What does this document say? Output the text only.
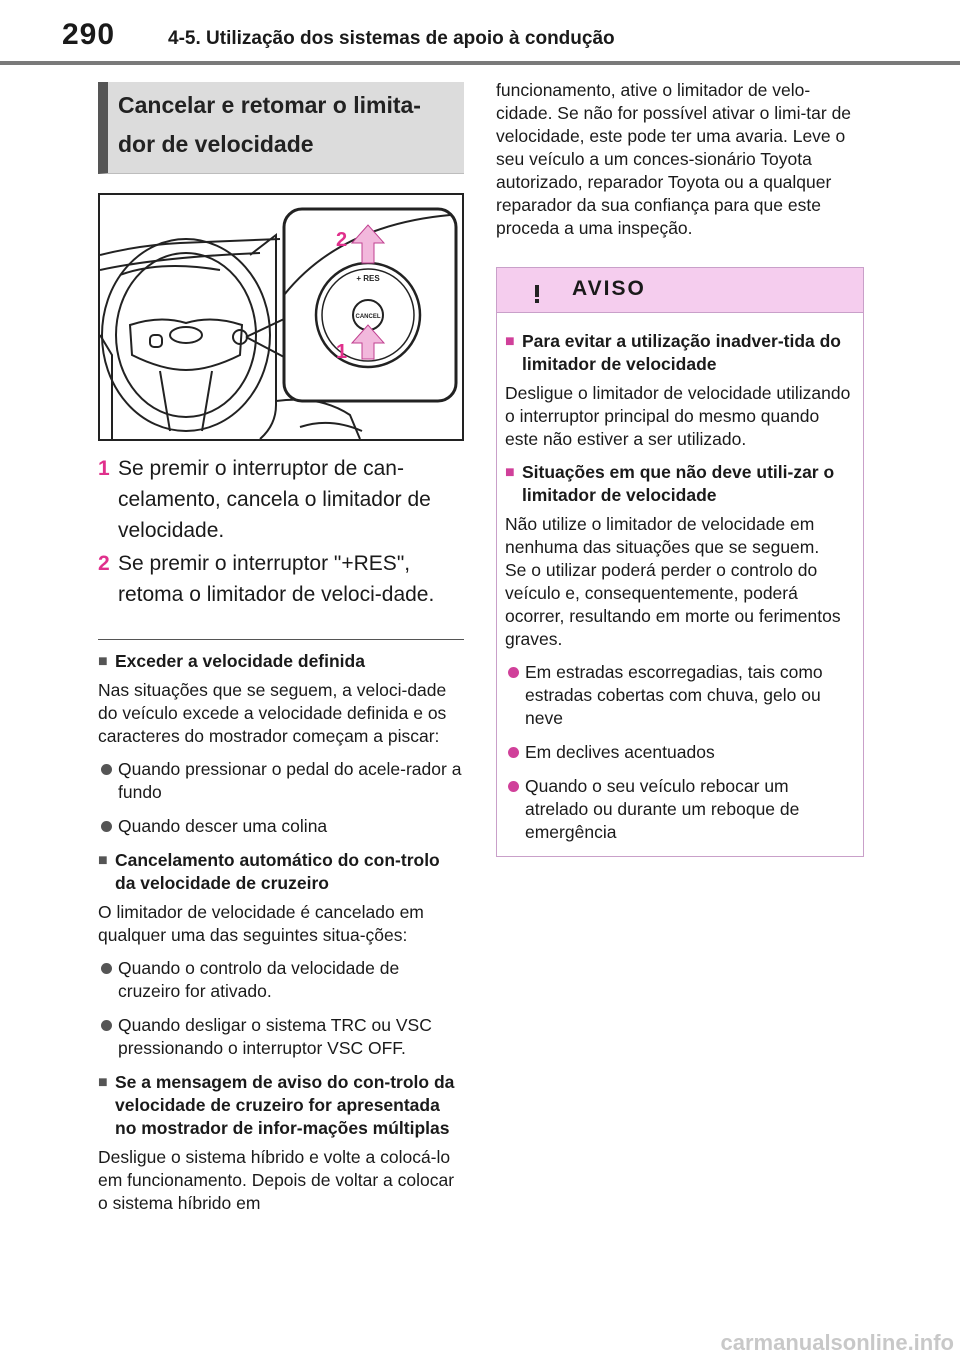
290	4-5. Utilização dos sistemas de apoio à condução
Cancelar e retomar o limita-
dor de velocidade
+ RES
CANCEL
2
1
1 Se premir o interruptor de can-celamento, cancela o limitador de velocidade.
2 Se premir o interruptor "+RES", retoma o limitador de veloci-dade.
■ Exceder a velocidade definida
Nas situações que se seguem, a veloci-dade do veículo excede a velocidade definida e os caracteres do mostrador começam a piscar:
Quando pressionar o pedal do acele-rador a fundo
Quando descer uma colina
■ Cancelamento automático do con-trolo da velocidade de cruzeiro
O limitador de velocidade é cancelado em qualquer uma das seguintes situa-ções:
Quando o controlo da velocidade de cruzeiro for ativado.
Quando desligar o sistema TRC ou VSC pressionando o interruptor VSC OFF.
■ Se a mensagem de aviso do con-trolo da velocidade de cruzeiro for apresentada no mostrador de infor-mações múltiplas
Desligue o sistema híbrido e volte a colocá-lo em funcionamento. Depois de voltar a colocar o sistema híbrido em
funcionamento, ative o limitador de velo-cidade. Se não for possível ativar o limi-tar de velocidade, este pode ter uma avaria. Leve o seu veículo a um conces-sionário Toyota autorizado, reparador Toyota ou a qualquer reparador da sua confiança para que este proceda a uma inspeção.
AVISO
■ Para evitar a utilização inadver-tida do limitador de velocidade
Desligue o limitador de velocidade utilizando o interruptor principal do mesmo quando este não estiver a ser utilizado.
■ Situações em que não deve utili-zar o limitador de velocidade
Não utilize o limitador de velocidade em nenhuma das situações que se seguem.
Se o utilizar poderá perder o controlo do veículo e, consequentemente, poderá ocorrer, resultando em morte ou ferimentos graves.
Em estradas escorregadias, tais como estradas cobertas com chuva, gelo ou neve
Em declives acentuados
Quando o seu veículo rebocar um atrelado ou durante um reboque de emergência
carmanualsonline.info
